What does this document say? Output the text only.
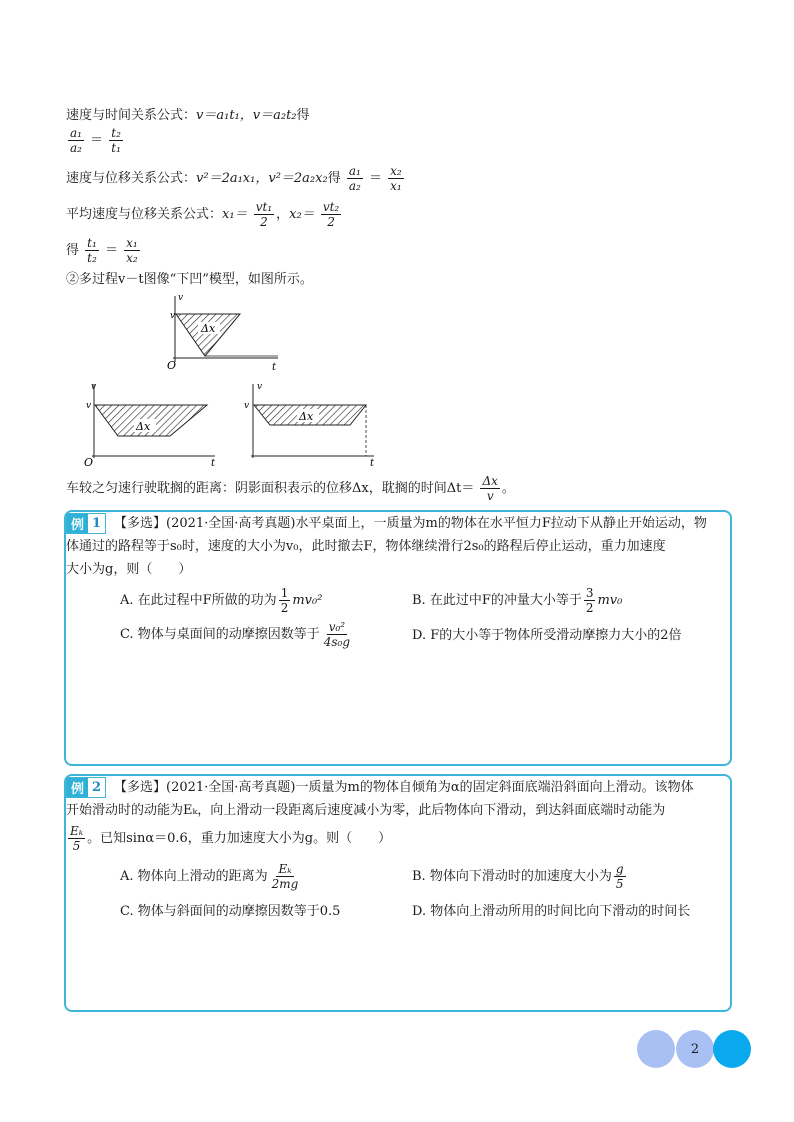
速度与时间关系公式：v＝a₁t₁，v＝a₂t₂得
$\frac{\text{a₁}}{\text{a₂}} = \frac{\text{t₂}}{\text{t₁}}$
速度与位移关系公式：v²＝2a₁x₁，v²＝2a₂x₂得 $\frac{\text{a₁}}{\text{a₂}} = \frac{\text{x₂}}{\text{x₁}}$
平均速度与位移关系公式：$x_1= \frac{\text{vt₁}}{2}$ ，$x_2= \frac{\text{vt₂}}{2}$
得 $\frac{\text{t₁}}{\text{t₂}} = \frac{\text{x₁}}{\text{x₂}}$
②多过程v－t图像“下凹”模型，如图所示。
Δx
v
v
O	t
Δx
v
v
O	t
Δx
v
v
t
车较之匀速行驶耽搁的距离：阴影面积表示的位移Δx，耽搁的时间$\Delta t= \frac{\Delta x}{v}$ 。
例 1 【多选】(2021·全国·高考真题)水平桌面上，一质量为m的物体在水平恒力F拉动下从静止开始运动，物
体通过的路程等于s₀时，速度的大小为v₀，此时撤去F，物体继续滑行2s₀的路程后停止运动，重力加速度
大小为g，则（　　）
A. 在此过程中F所做的功为 $\frac{1}{2} mv_0^2$	B. 在此过中F的冲量大小等于 $\frac{3}{2} mv_0$
C. 物体与桌面间的动摩擦因数等于 $\frac{\text{v₀²}}{\text{4s₀g}}$	D. F的大小等于物体所受滑动摩擦力大小的2倍
例 2 【多选】(2021·全国·高考真题)一质量为m的物体自倾角为α的固定斜面底端沿斜面向上滑动。该物体
开始滑动时的动能为Eₖ，向上滑动一段距离后速度减小为零，此后物体向下滑动，到达斜面底端时动能为
$\frac{\text{Eₖ}}{5}$ 。已知sinα＝0.6，重力加速度大小为g。则（　　）
A. 物体向上滑动的距离为 $\frac{\text{Eₖ}}{2mg}$	B. 物体向下滑动时的加速度大小为 $\frac{g}{5}$
C. 物体与斜面间的动摩擦因数等于0.5	D. 物体向上滑动所用的时间比向下滑动的时间长
2
